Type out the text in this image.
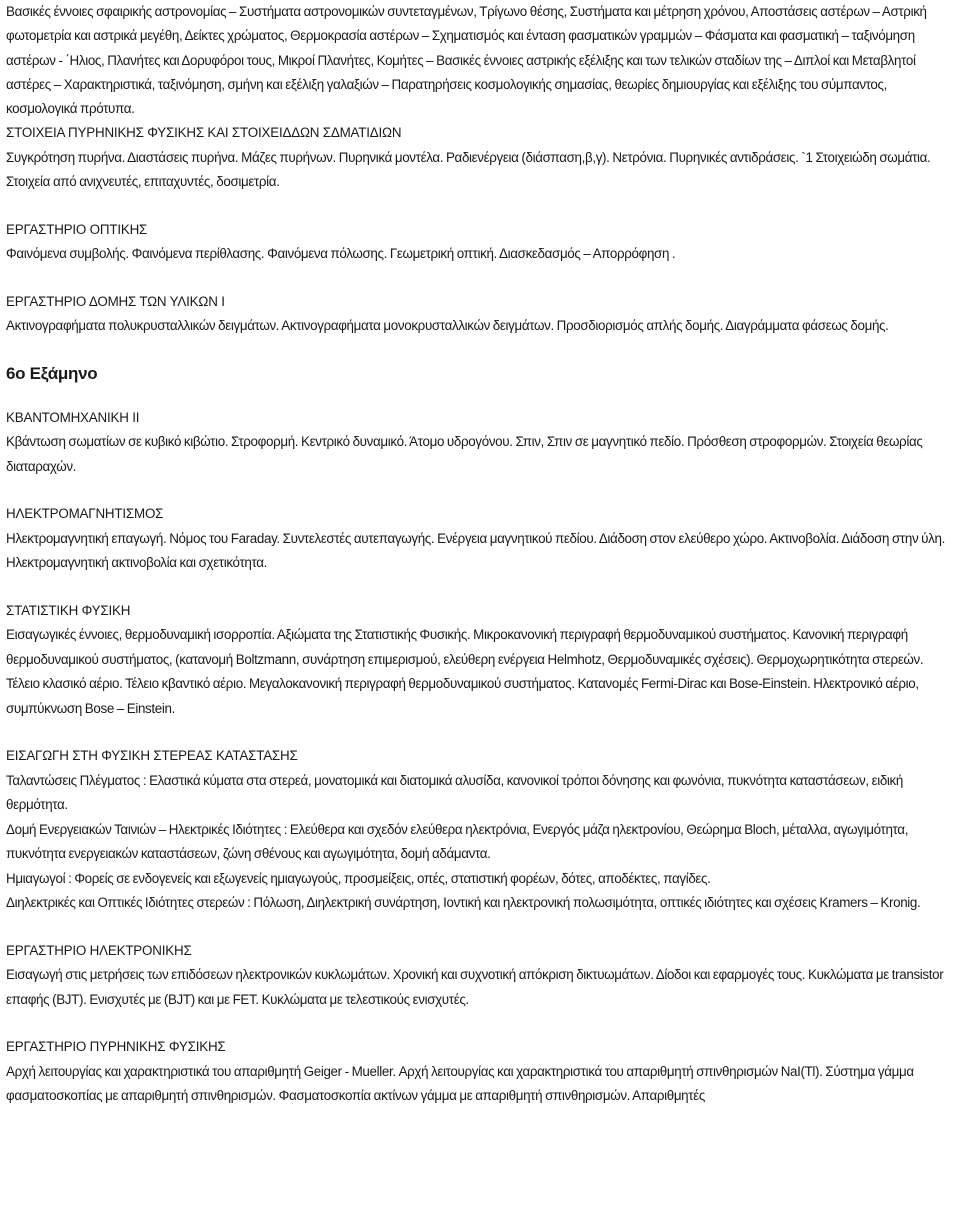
Βασικές έννοιες σφαιρικής αστρονομίας – Συστήματα αστρονομικών συντεταγμένων, Τρίγωνο θέσης, Συστήματα και μέτρηση χρόνου, Αποστάσεις αστέρων – Αστρική φωτομετρία και αστρικά μεγέθη, Δείκτες χρώματος, Θερμοκρασία αστέρων – Σχηματισμός και ένταση φασματικών γραμμών – Φάσματα και φασματική – ταξινόμηση αστέρων - ΄Ηλιος, Πλανήτες και Δορυφόροι τους, Μικροί Πλανήτες, Κομήτες – Βασικές έννοιες αστρικής εξέλιξης και των τελικών σταδίων της – Διπλοί και Μεταβλητοί αστέρες – Χαρακτηριστικά, ταξινόμηση, σμήνη και εξέλιξη γαλαξιών – Παρατηρήσεις κοσμολογικής σημασίας, θεωρίες δημιουργίας και εξέλιξης του σύμπαντος, κοσμολογικά πρότυπα.

ΣΤΟΙΧΕΙΑ ΠΥΡΗΝΙΚΗΣ ΦΥΣΙΚΗΣ ΚΑΙ ΣΤΟΙΧΕΙΔΔΩΝ ΣΔΜΑΤΙΔΙΩΝ

Συγκρότηση πυρήνα. Διαστάσεις πυρήνα. Μάζες πυρήνων. Πυρηνικά μοντέλα. Ραδιενέργεια (διάσπαση,β,γ). Νετρόνια. Πυρηνικές αντιδράσεις. `1 Στοιχειώδη σωμάτια. Στοιχεία από ανιχνευτές, επιταχυντές, δοσιμετρία.

ΕΡΓΑΣΤΗΡΙΟ ΟΠΤΙΚΗΣ

Φαινόμενα συμβολής. Φαινόμενα περίθλασης. Φαινόμενα πόλωσης. Γεωμετρική οπτική. Διασκεδασμός – Απορρόφηση .

ΕΡΓΑΣΤΗΡΙΟ ΔΟΜΗΣ ΤΩΝ ΥΛΙΚΩΝ Ι

Ακτινογραφήματα πολυκρυσταλλικών δειγμάτων. Ακτινογραφήματα μονοκρυσταλλικών δειγμάτων. Προσδιορισμός απλής δομής. Διαγράμματα φάσεως δομής.

6ο Εξάμηνο

ΚΒΑΝΤΟΜΗΧΑΝΙΚΗ ΙΙ

Κβάντωση σωματίων σε κυβικό κιβώτιο. Στροφορμή. Κεντρικό δυναμικό. Άτομο υδρογόνου. Σπιν, Σπιν σε μαγνητικό πεδίο. Πρόσθεση στροφορμών. Στοιχεία θεωρίας διαταραχών.

ΗΛΕΚΤΡΟΜΑΓΝΗΤΙΣΜΟΣ

Ηλεκτρομαγνητική επαγωγή. Νόμος του Faraday. Συντελεστές αυτεπαγωγής. Ενέργεια μαγνητικού πεδίου. Διάδοση στον ελεύθερο χώρο. Ακτινοβολία. Διάδοση στην ύλη. Ηλεκτρομαγνητική ακτινοβολία και σχετικότητα.

ΣΤΑΤΙΣΤΙΚΗ ΦΥΣΙΚΗ

Εισαγωγικές έννοιες, θερμοδυναμική ισορροπία. Αξιώματα της Στατιστικής Φυσικής. Μικροκανονική περιγραφή θερμοδυναμικού συστήματος. Κανονική περιγραφή θερμοδυναμικού συστήματος, (κατανομή Boltzmann, συνάρτηση επιμερισμού, ελεύθερη ενέργεια Helmhotz, Θερμοδυναμικές σχέσεις). Θερμοχωρητικότητα στερεών. Τέλειο κλασικό αέριο. Τέλειο κβαντικό αέριο. Μεγαλοκανονική περιγραφή θερμοδυναμικού συστήματος. Κατανομές Fermi-Dirac και Bose-Einstein. Ηλεκτρονικό αέριο, συμπύκνωση Bose – Einstein.

ΕΙΣΑΓΩΓΗ ΣΤΗ ΦΥΣΙΚΗ ΣΤΕΡΕΑΣ ΚΑΤΑΣΤΑΣΗΣ

Ταλαντώσεις Πλέγματος : Ελαστικά κύματα στα στερεά, μονατομικά και διατομικά αλυσίδα, κανονικοί τρόποι δόνησης και φωνόνια, πυκνότητα καταστάσεων, ειδική θερμότητα.

Δομή Ενεργειακών Ταινιών – Ηλεκτρικές Ιδιότητες : Ελεύθερα και σχεδόν ελεύθερα ηλεκτρόνια, Ενεργός μάζα ηλεκτρονίου, Θεώρημα Bloch, μέταλλα, αγωγιμότητα, πυκνότητα ενεργειακών καταστάσεων, ζώνη σθένους και αγωγιμότητα, δομή αδάμαντα.

Ημιαγωγοί : Φορείς σε ενδογενείς και εξωγενείς ημιαγωγούς, προσμείξεις, οπές, στατιστική φορέων, δότες, αποδέκτες, παγίδες.

Διηλεκτρικές και Οπτικές Ιδιότητες στερεών : Πόλωση, Διηλεκτρική συνάρτηση, Ιοντική και ηλεκτρονική πολωσιμότητα, οπτικές ιδιότητες και σχέσεις Kramers – Kronig.

ΕΡΓΑΣΤΗΡΙΟ ΗΛΕΚΤΡΟΝΙΚΗΣ

Εισαγωγή στις μετρήσεις των επιδόσεων ηλεκτρονικών κυκλωμάτων. Χρονική και συχνοτική απόκριση δικτυωμάτων. Δίοδοι και εφαρμογές τους. Κυκλώματα με transistor επαφής (BJT). Ενισχυτές με (BJT) και με FET. Κυκλώματα με τελεστικούς ενισχυτές.

ΕΡΓΑΣΤΗΡΙΟ ΠΥΡΗΝΙΚΗΣ ΦΥΣΙΚΗΣ

Αρχή λειτουργίας και χαρακτηριστικά του απαριθμητή Geiger - Mueller. Αρχή λειτουργίας και χαρακτηριστικά του απαριθμητή σπινθηρισμών NaI(Tl). Σύστημα γάμμα φασματοσκοπίας με απαριθμητή σπινθηρισμών. Φασματοσκοπία ακτίνων γάμμα με απαριθμητή σπινθηρισμών. Απαριθμητές
